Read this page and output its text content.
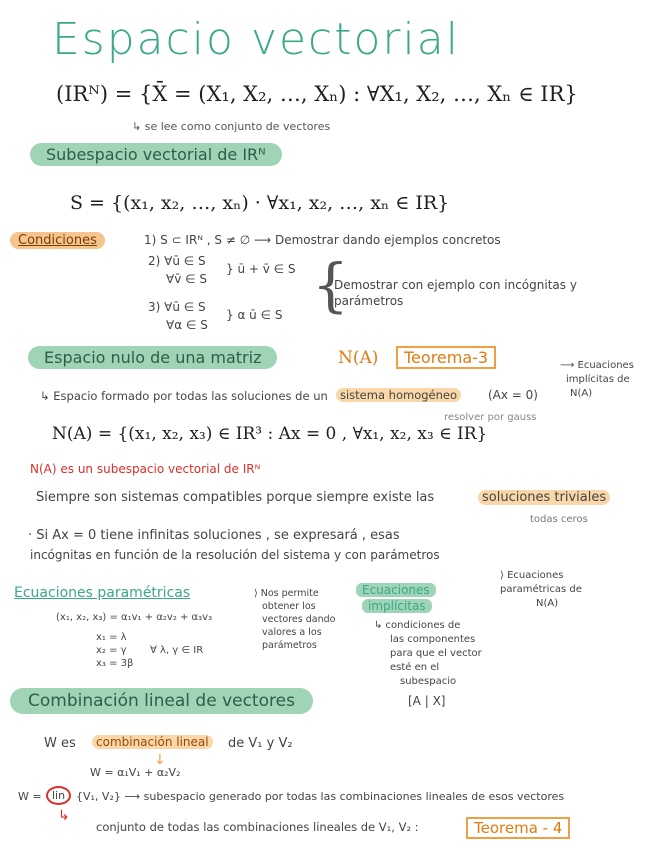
Espacio vectorial
(IRᴺ) = {X̄ = (X₁, X₂, …, Xₙ) : ∀X₁, X₂, …, Xₙ ∈ IR}
↳ se lee como conjunto de vectores
Subespacio vectorial de IRᴺ
S = {(x₁, x₂, …, xₙ) · ∀x₁, x₂, …, xₙ ∈ IR}
Condiciones	1) S ⊂ IRᴺ , S ≠ ∅ ⟶ Demostrar dando ejemplos concretos
2) ∀ū ∈ S
∀v̄ ∈ S
} ū + v̄ ∈ S
3) ∀ū ∈ S
∀α ∈ S
} α ū ∈ S {
Demostrar con ejemplo con incógnitas y
parámetros
Espacio nulo de una matriz	N(A)	Teorema-3	⟶ Ecuaciones
implícitas de
N(A)
↳ Espacio formado por todas las soluciones de un	sistema homogéneo	(Ax = 0)
resolver por gauss
N(A) = {(x₁, x₂, x₃) ∈ IR³ : Ax = 0 , ∀x₁, x₂, x₃ ∈ IR}
N(A) es un subespacio vectorial de IRᴺ
Siempre son sistemas compatibles porque siempre existe las	soluciones triviales
todas ceros
· Si Ax = 0 tiene infinitas soluciones , se expresará , esas
incógnitas en función de la resolución del sistema y con parámetros
⟩ Ecuaciones
paramétricas de
N(A)
Ecuaciones paramétricas
(x₁, x₂, x₃) = α₁v₁ + α₂v₂ + α₃v₃
x₁ = λ
x₂ = γ
x₃ = 3β
∀ λ, γ ∈ IR
⟩ Nos permite
obtener los
vectores dando
valores a los
parámetros
Ecuaciones
implícitas
↳ condiciones de
las componentes
para que el vector
esté en el
subespacio
[A | X]
Combinación lineal de vectores
W es	combinación lineal	de V₁ y V₂
↓
W = α₁V₁ + α₂V₂
W = lin {V₁, V₂} ⟶ subespacio generado por todas las combinaciones lineales de esos vectores
↳
conjunto de todas las combinaciones lineales de V₁, V₂ :	Teorema - 4
